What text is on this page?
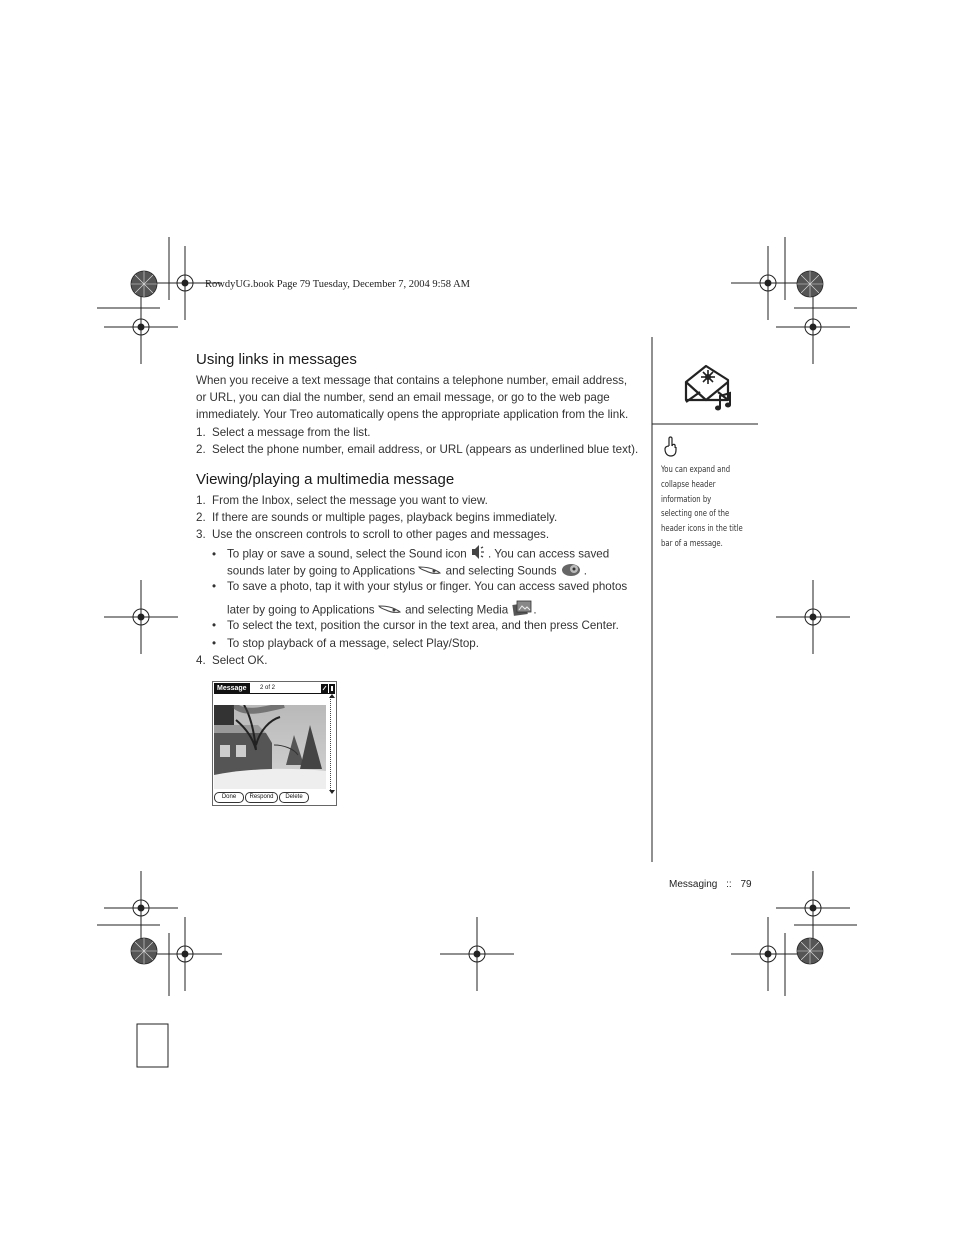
RowdyUG.book Page 79 Tuesday, December 7, 2004 9:58 AM
Using links in messages
When you receive a text message that contains a telephone number, email address, or URL, you can dial the number, send an email message, or go to the web page immediately. Your Treo automatically opens the appropriate application from the link.
1. Select a message from the list.
2. Select the phone number, email address, or URL (appears as underlined blue text).
Viewing/playing a multimedia message
1. From the Inbox, select the message you want to view.
2. If there are sounds or multiple pages, playback begins immediately.
3. Use the onscreen controls to scroll to other pages and messages.
• To play or save a sound, select the Sound icon . You can access saved
sounds later by going to Applications	and selecting Sounds .
• To save a photo, tap it with your stylus or finger. You can access saved photos
later by going to Applications	and selecting Media .
• To select the text, position the cursor in the text area, and then press Center.
• To stop playback of a message, select Play/Stop.
4. Select OK.
Message	2 of 2
Done	Respond	Delete
You can expand and collapse header information by selecting one of the header icons in the title bar of a message.
Messaging :: 79
